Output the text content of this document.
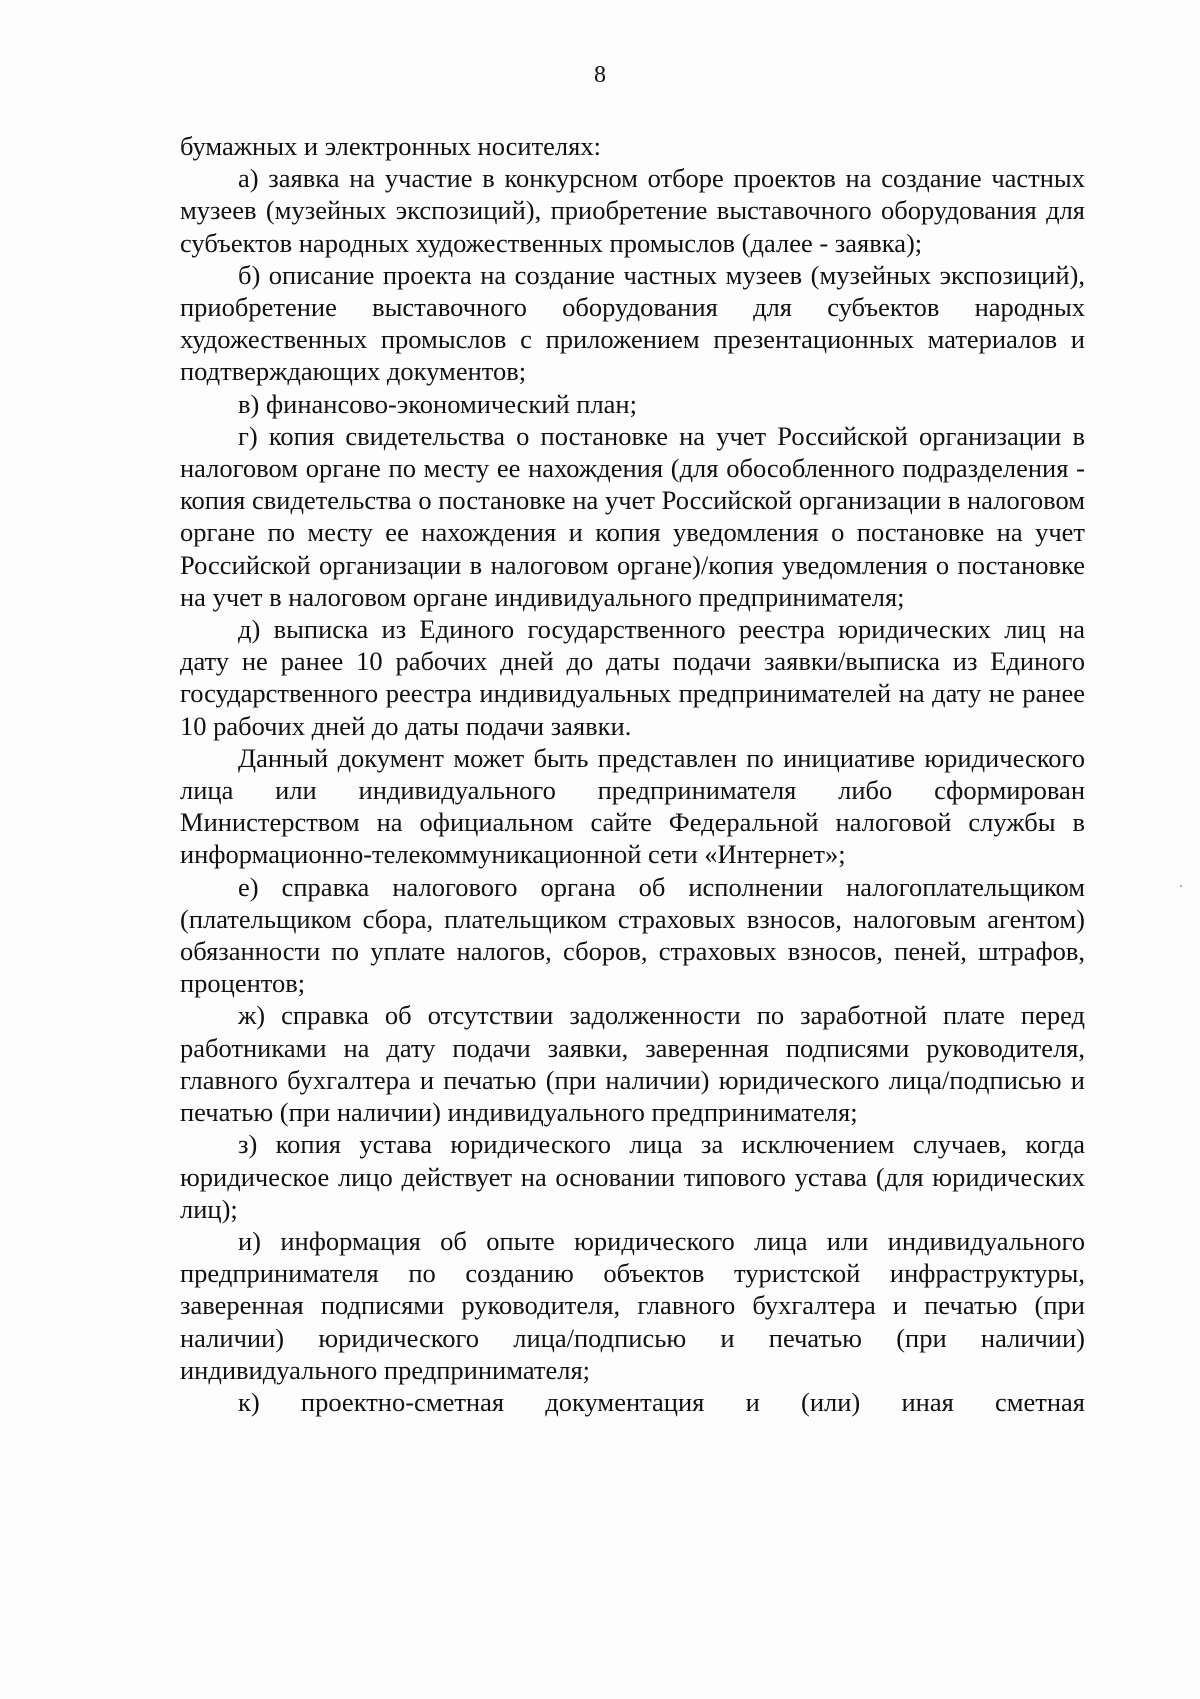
8

бумажных и электронных носителях:

а) заявка на участие в конкурсном отборе проектов на создание частных музеев (музейных экспозиций), приобретение выставочного оборудования для субъектов народных художественных промыслов (далее - заявка);

б) описание проекта на создание частных музеев (музейных экспозиций), приобретение выставочного оборудования для субъектов народных художественных промыслов с приложением презентационных материалов и подтверждающих документов;

в) финансово-экономический план;

г) копия свидетельства о постановке на учет Российской организации в налоговом органе по месту ее нахождения (для обособленного подразделения - копия свидетельства о постановке на учет Российской организации в налоговом органе по месту ее нахождения и копия уведомления о постановке на учет Российской организации в налоговом органе)/копия уведомления о постановке на учет в налоговом органе индивидуального предпринимателя;

д) выписка из Единого государственного реестра юридических лиц на дату не ранее 10 рабочих дней до даты подачи заявки/выписка из Единого государственного реестра индивидуальных предпринимателей на дату не ранее 10 рабочих дней до даты подачи заявки.

Данный документ может быть представлен по инициативе юридического лица или индивидуального предпринимателя либо сформирован Министерством на официальном сайте Федеральной налоговой службы в информационно-телекоммуникационной сети «Интернет»;

е) справка налогового органа об исполнении налогоплательщиком (плательщиком сбора, плательщиком страховых взносов, налоговым агентом) обязанности по уплате налогов, сборов, страховых взносов, пеней, штрафов, процентов;

ж) справка об отсутствии задолженности по заработной плате перед работниками на дату подачи заявки, заверенная подписями руководителя, главного бухгалтера и печатью (при наличии) юридического лица/подписью и печатью (при наличии) индивидуального предпринимателя;

з) копия устава юридического лица за исключением случаев, когда юридическое лицо действует на основании типового устава (для юридических лиц);

и) информация об опыте юридического лица или индивидуального предпринимателя по созданию объектов туристской инфраструктуры, заверенная подписями руководителя, главного бухгалтера и печатью (при наличии) юридического лица/подписью и печатью (при наличии) индивидуального предпринимателя;

к) проектно-сметная документация и (или) иная сметная
